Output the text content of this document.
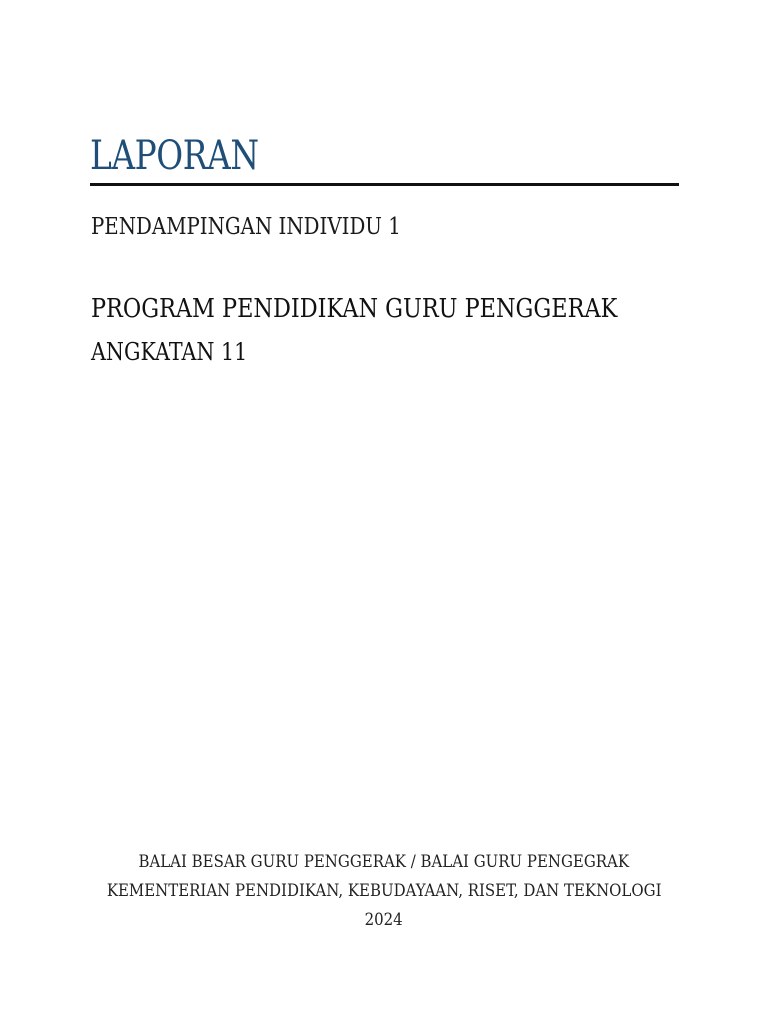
LAPORAN
PENDAMPINGAN INDIVIDU 1
PROGRAM PENDIDIKAN GURU PENGGERAK
ANGKATAN 11
BALAI BESAR GURU PENGGERAK / BALAI GURU PENGEGRAK
KEMENTERIAN PENDIDIKAN, KEBUDAYAAN, RISET, DAN TEKNOLOGI
2024
